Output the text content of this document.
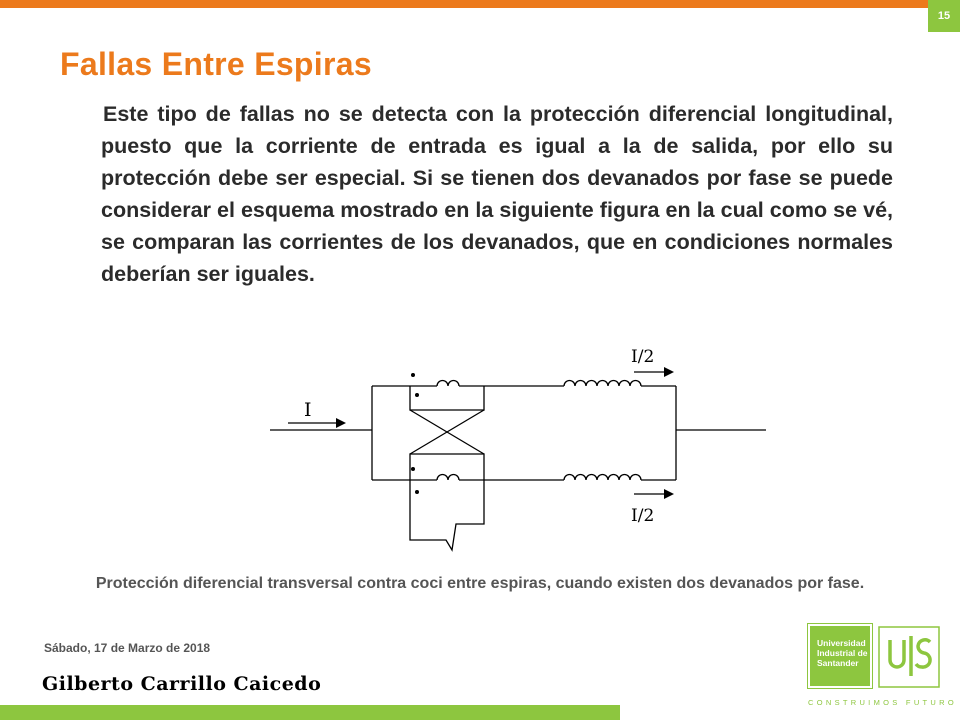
15
Fallas Entre Espiras

Este tipo de fallas no se detecta con la protección diferencial longitudinal, puesto que la corriente de entrada es igual a la de salida, por ello su protección debe ser especial. Si se tienen dos devanados por fase se puede considerar el esquema mostrado en la siguiente figura en la cual como se vé, se comparan las corrientes de los devanados, que en condiciones normales deberían ser iguales.

I
I/2
I/2

Protección diferencial transversal contra coci entre espiras, cuando existen dos devanados por fase.

Sábado, 17 de Marzo de 2018
Gilberto Carrillo Caicedo
Universidad
Industrial de
Santander
CONSTRUIMOS FUTURO
